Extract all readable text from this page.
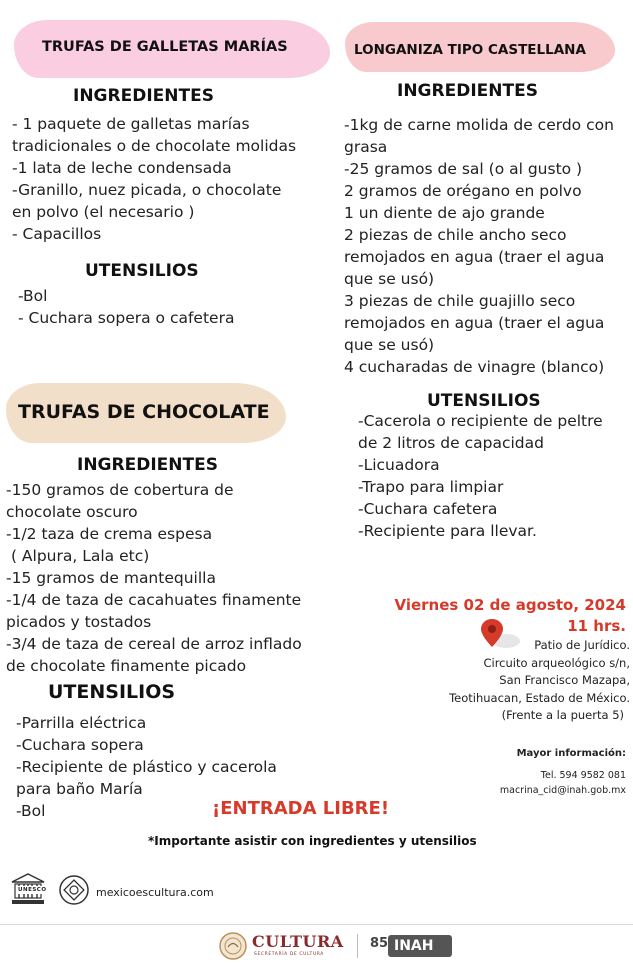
TRUFAS DE GALLETAS MARÍAS
INGREDIENTES
- 1 paquete de galletas marías
tradicionales o de chocolate molidas
-1 lata de leche condensada
-Granillo, nuez picada, o chocolate
en polvo (el necesario )
- Capacillos
UTENSILIOS
-Bol
- Cuchara sopera o cafetera
LONGANIZA TIPO CASTELLANA
INGREDIENTES
-1kg de carne molida de cerdo con
grasa
-25 gramos de sal (o al gusto )
2 gramos de orégano en polvo
1 un diente de ajo grande
2 piezas de chile ancho seco
remojados en agua (traer el agua
que se usó)
3 piezas de chile guajillo seco
remojados en agua (traer el agua
que se usó)
4 cucharadas de vinagre (blanco)
UTENSILIOS
-Cacerola o recipiente de peltre
de 2 litros de capacidad
-Licuadora
-Trapo para limpiar
-Cuchara cafetera
-Recipiente para llevar.
TRUFAS DE CHOCOLATE
INGREDIENTES
-150 gramos de cobertura de
chocolate oscuro
-1/2 taza de crema espesa
( Alpura, Lala etc)
-15 gramos de mantequilla
-1/4 de taza de cacahuates finamente
picados y tostados
-3/4 de taza de cereal de arroz inflado
de chocolate finamente picado
UTENSILIOS
-Parrilla eléctrica
-Cuchara sopera
-Recipiente de plástico y cacerola
para baño María
-Bol
Viernes 02 de agosto, 2024
11 hrs.
Patio de Jurídico.
Circuito arqueológico s/n,
San Francisco Mazapa,
Teotihuacan, Estado de México.
(Frente a la puerta 5)
Mayor información:
Tel. 594 9582 081
macrina_cid@inah.gob.mx
¡ENTRADA LIBRE!
*Importante asistir con ingredientes y utensilios
UNESCO	mexicoescultura.com
CULTURA
SECRETARÍA DE CULTURA
85 INAH
